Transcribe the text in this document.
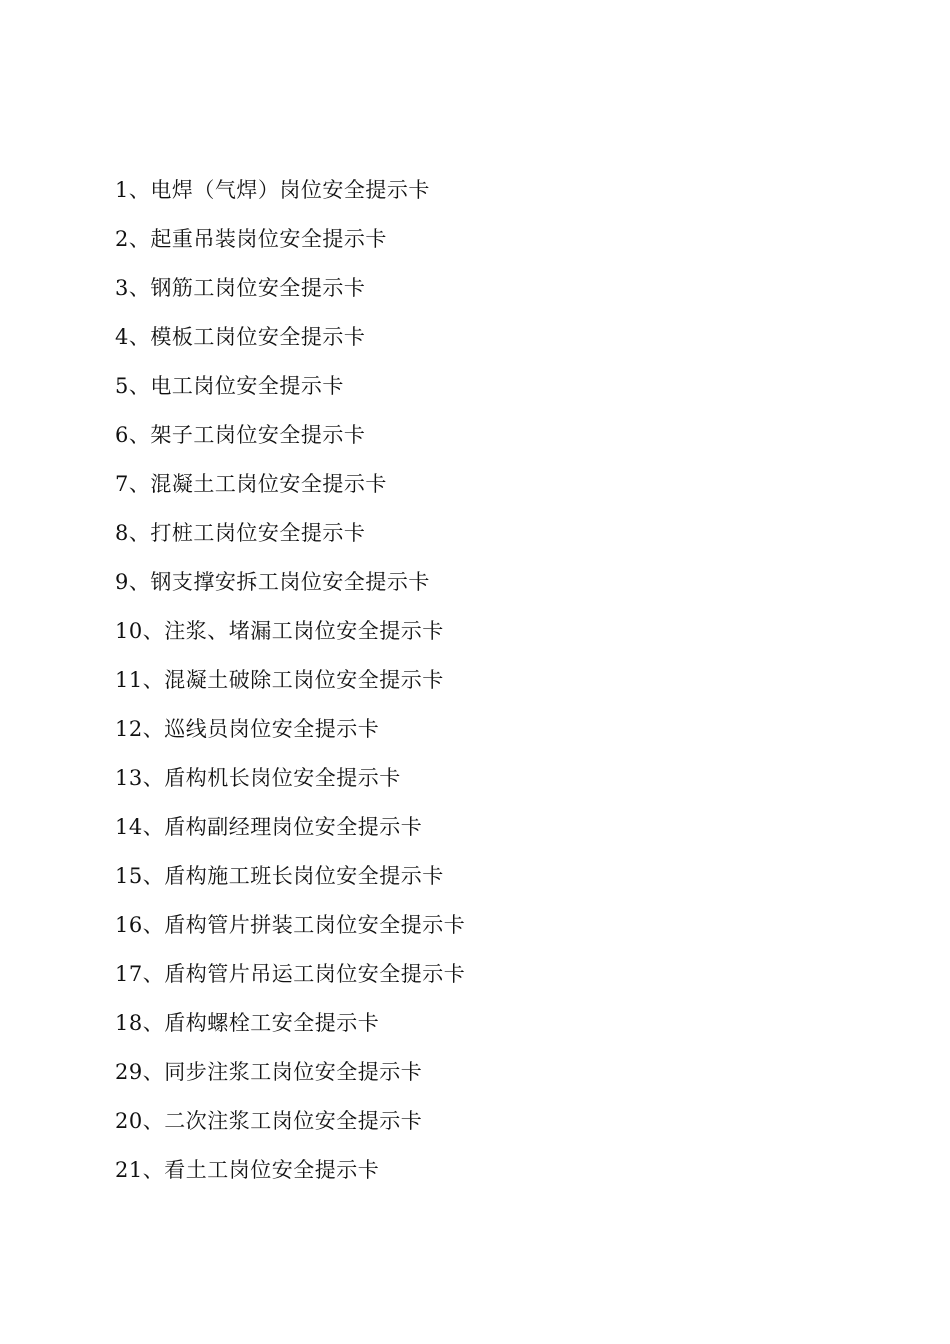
1、电焊（气焊）岗位安全提示卡
2、起重吊装岗位安全提示卡
3、钢筋工岗位安全提示卡
4、模板工岗位安全提示卡
5、电工岗位安全提示卡
6、架子工岗位安全提示卡
7、混凝土工岗位安全提示卡
8、打桩工岗位安全提示卡
9、钢支撑安拆工岗位安全提示卡
10、注浆、堵漏工岗位安全提示卡
11、混凝土破除工岗位安全提示卡
12、巡线员岗位安全提示卡
13、盾构机长岗位安全提示卡
14、盾构副经理岗位安全提示卡
15、盾构施工班长岗位安全提示卡
16、盾构管片拼装工岗位安全提示卡
17、盾构管片吊运工岗位安全提示卡
18、盾构螺栓工安全提示卡
29、同步注浆工岗位安全提示卡
20、二次注浆工岗位安全提示卡
21、看土工岗位安全提示卡
